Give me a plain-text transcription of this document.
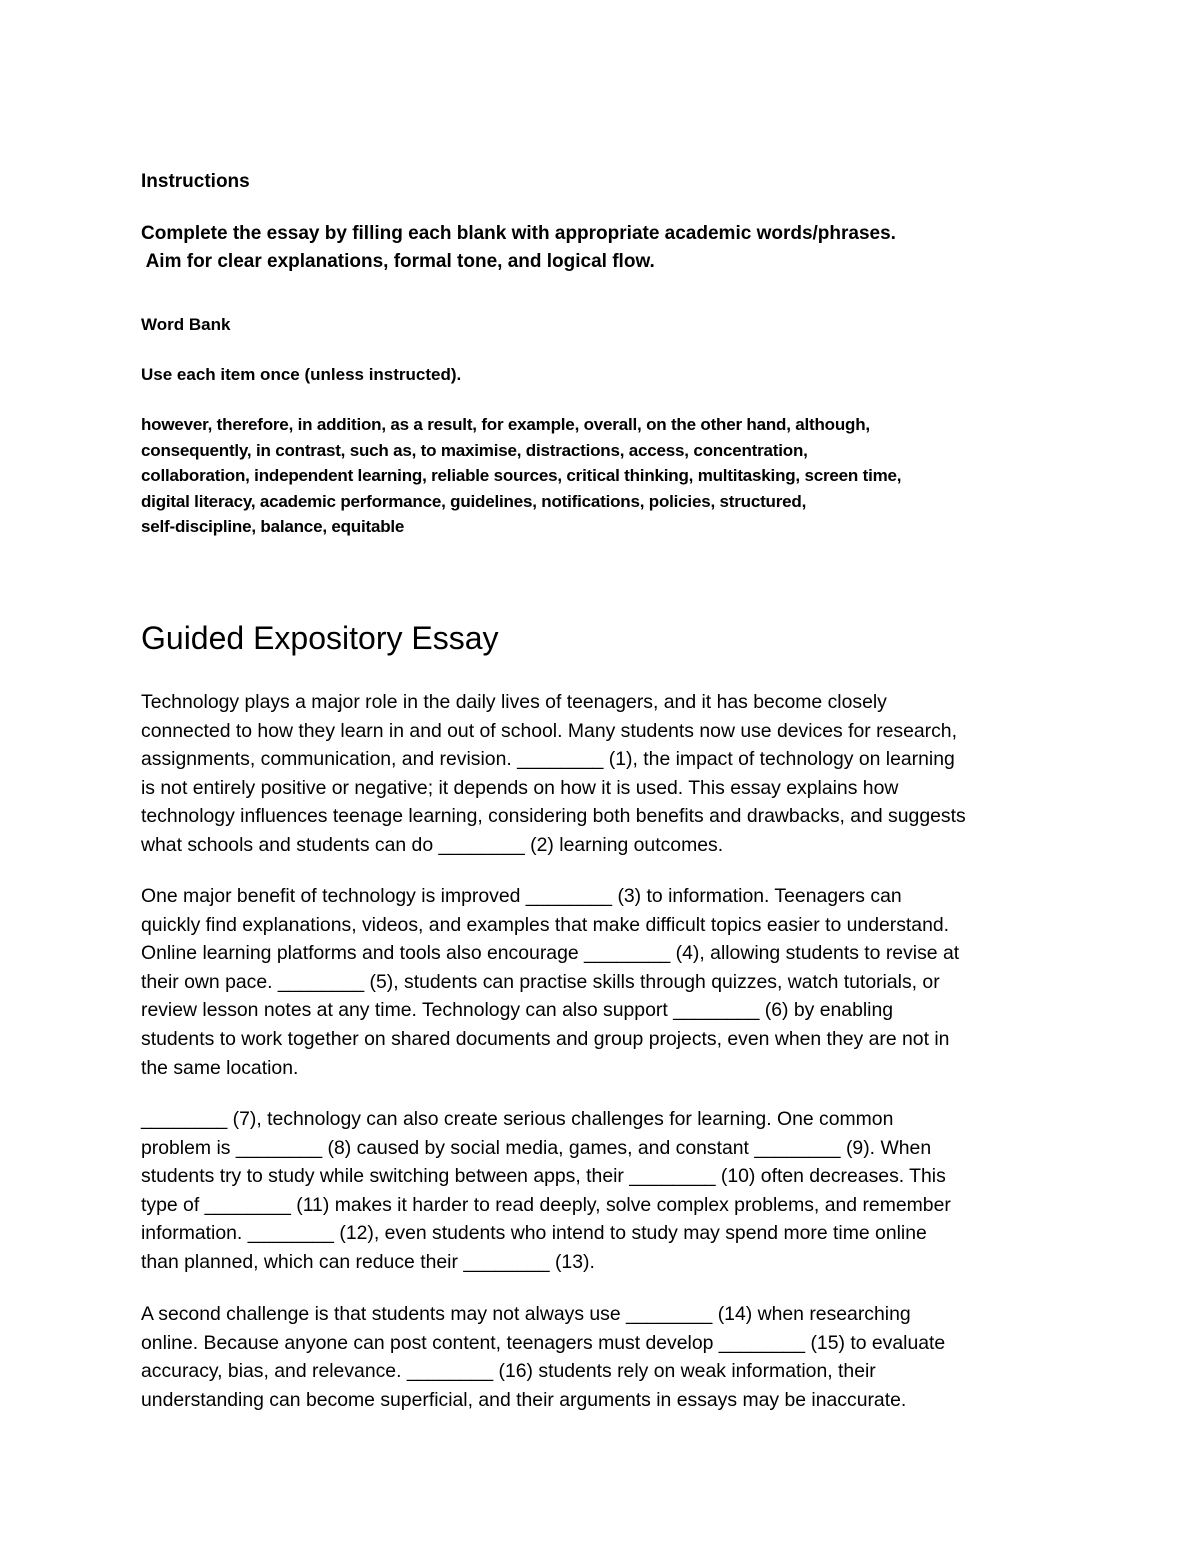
Instructions
Complete the essay by filling each blank with appropriate academic words/phrases.
Aim for clear explanations, formal tone, and logical flow.
Word Bank
Use each item once (unless instructed).
however, therefore, in addition, as a result, for example, overall, on the other hand, although,
consequently, in contrast, such as, to maximise, distractions, access, concentration,
collaboration, independent learning, reliable sources, critical thinking, multitasking, screen time,
digital literacy, academic performance, guidelines, notifications, policies, structured,
self-discipline, balance, equitable
Guided Expository Essay
Technology plays a major role in the daily lives of teenagers, and it has become closely
connected to how they learn in and out of school. Many students now use devices for research,
assignments, communication, and revision. ________ (1), the impact of technology on learning
is not entirely positive or negative; it depends on how it is used. This essay explains how
technology influences teenage learning, considering both benefits and drawbacks, and suggests
what schools and students can do ________ (2) learning outcomes.
One major benefit of technology is improved ________ (3) to information. Teenagers can
quickly find explanations, videos, and examples that make difficult topics easier to understand.
Online learning platforms and tools also encourage ________ (4), allowing students to revise at
their own pace. ________ (5), students can practise skills through quizzes, watch tutorials, or
review lesson notes at any time. Technology can also support ________ (6) by enabling
students to work together on shared documents and group projects, even when they are not in
the same location.
________ (7), technology can also create serious challenges for learning. One common
problem is ________ (8) caused by social media, games, and constant ________ (9). When
students try to study while switching between apps, their ________ (10) often decreases. This
type of ________ (11) makes it harder to read deeply, solve complex problems, and remember
information. ________ (12), even students who intend to study may spend more time online
than planned, which can reduce their ________ (13).
A second challenge is that students may not always use ________ (14) when researching
online. Because anyone can post content, teenagers must develop ________ (15) to evaluate
accuracy, bias, and relevance. ________ (16) students rely on weak information, their
understanding can become superficial, and their arguments in essays may be inaccurate.
